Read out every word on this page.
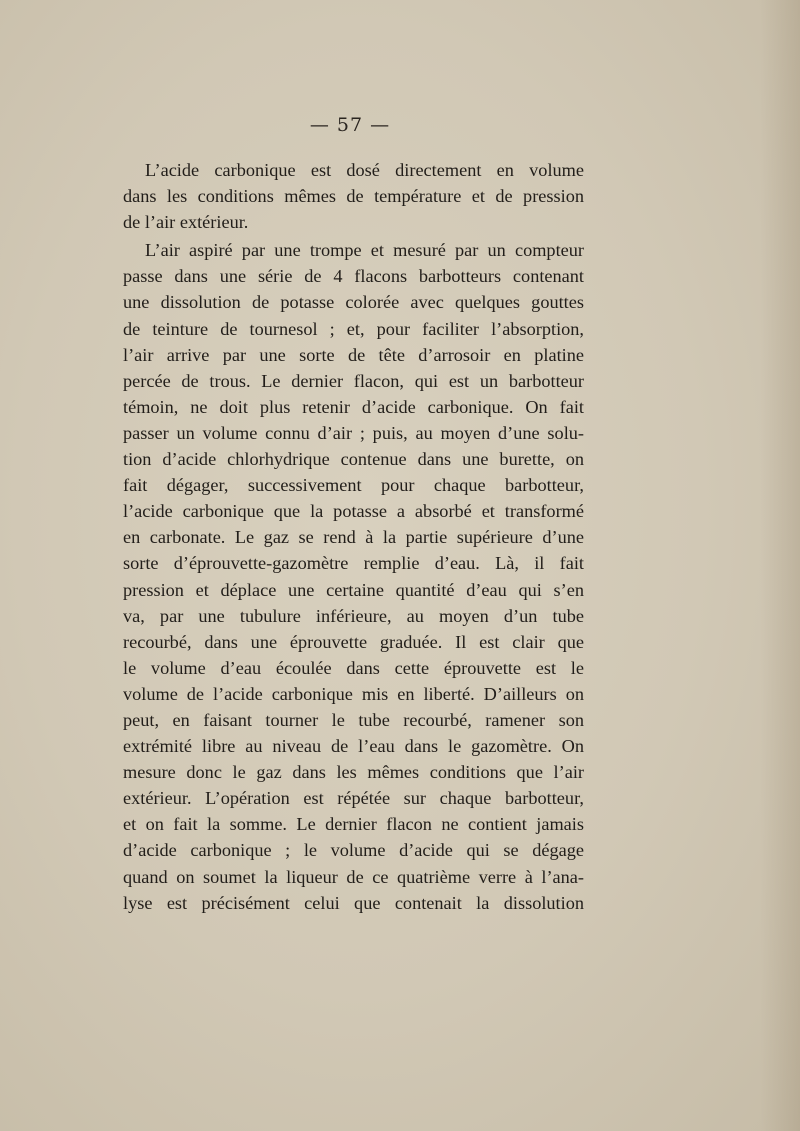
— 57 —
L’acide carbonique est dosé directement en volume
dans les conditions mêmes de température et de pression
de l’air extérieur.
L’air aspiré par une trompe et mesuré par un compteur
passe dans une série de 4 flacons barbotteurs contenant
une dissolution de potasse colorée avec quelques gouttes
de teinture de tournesol ; et, pour faciliter l’absorption,
l’air arrive par une sorte de tête d’arrosoir en platine
percée de trous. Le dernier flacon, qui est un barbotteur
témoin, ne doit plus retenir d’acide carbonique. On fait
passer un volume connu d’air ; puis, au moyen d’une solu-
tion d’acide chlorhydrique contenue dans une burette, on
fait dégager, successivement pour chaque barbotteur,
l’acide carbonique que la potasse a absorbé et transformé
en carbonate. Le gaz se rend à la partie supérieure d’une
sorte d’éprouvette-gazomètre remplie d’eau. Là, il fait
pression et déplace une certaine quantité d’eau qui s’en
va, par une tubulure inférieure, au moyen d’un tube
recourbé, dans une éprouvette graduée. Il est clair que
le volume d’eau écoulée dans cette éprouvette est le
volume de l’acide carbonique mis en liberté. D’ailleurs on
peut, en faisant tourner le tube recourbé, ramener son
extrémité libre au niveau de l’eau dans le gazomètre. On
mesure donc le gaz dans les mêmes conditions que l’air
extérieur. L’opération est répétée sur chaque barbotteur,
et on fait la somme. Le dernier flacon ne contient jamais
d’acide carbonique ; le volume d’acide qui se dégage
quand on soumet la liqueur de ce quatrième verre à l’ana-
lyse est précisément celui que contenait la dissolution
